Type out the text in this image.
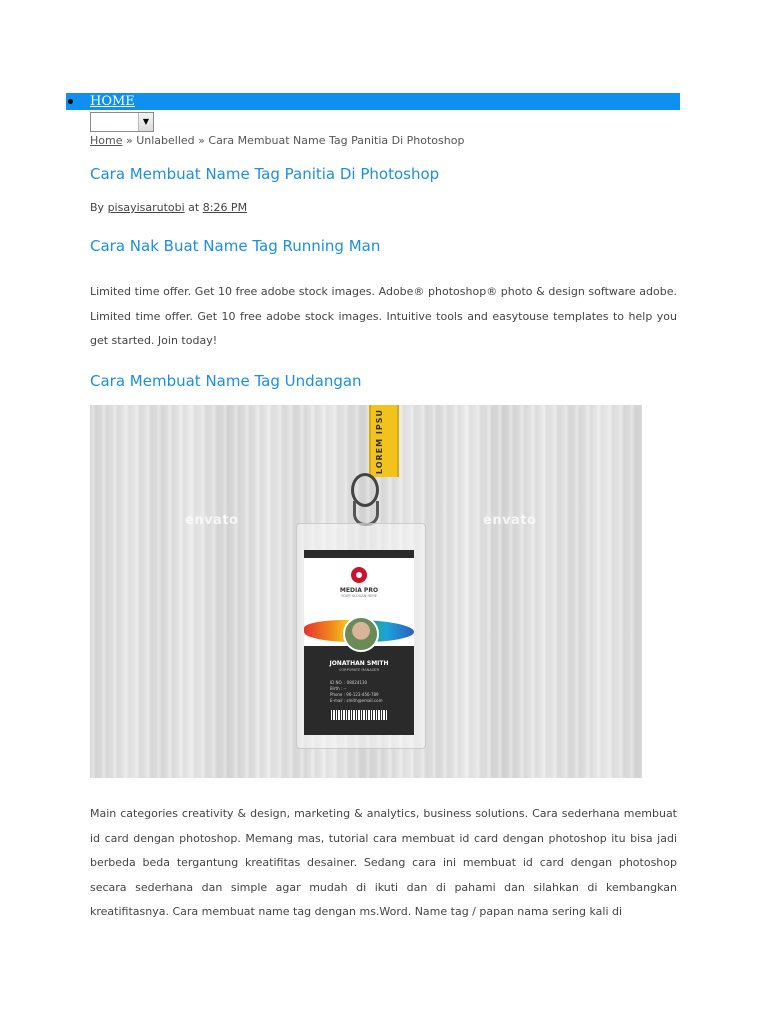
HOME
▼
Home » Unlabelled » Cara Membuat Name Tag Panitia Di Photoshop
Cara Membuat Name Tag Panitia Di Photoshop
By pisayisarutobi at 8:26 PM
Cara Nak Buat Name Tag Running Man

Limited time offer. Get 10 free adobe stock images. Adobe® photoshop® photo & design software adobe. Limited time offer. Get 10 free adobe stock images. Intuitive tools and easytouse templates to help you get started. Join today!

Cara Membuat Name Tag Undangan
LOREM IPSU
envato	envato
MEDIA PRO
YOUR SLOGAN HERE
JONATHAN SMITH
CORPORATE MANAGER
ID NO. : 08024130
Birth : --
Phone : 96-123-456-789
E-mail : smith@email.com

Main categories creativity & design, marketing & analytics, business solutions. Cara sederhana membuat id card dengan photoshop. Memang mas, tutorial cara membuat id card dengan photoshop itu bisa jadi berbeda beda tergantung kreatifitas desainer. Sedang cara ini membuat id card dengan photoshop secara sederhana dan simple agar mudah di ikuti dan di pahami dan silahkan di kembangkan kreatifitasnya. Cara membuat name tag dengan ms.Word. Name tag / papan nama sering kali di
